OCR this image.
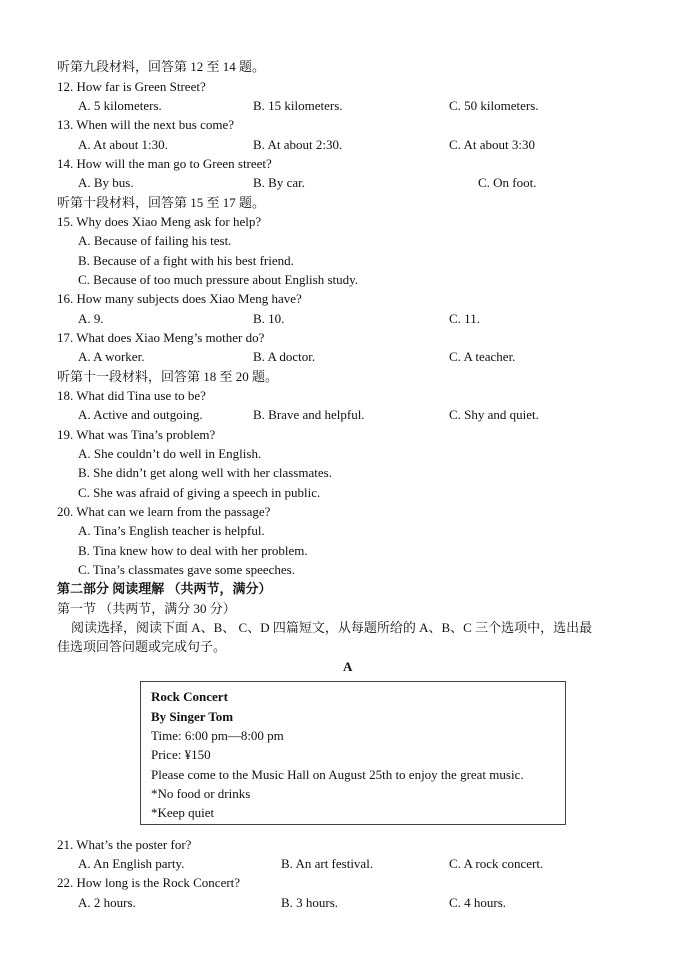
听第九段材料，回答第 12 至 14 题。
12. How far is Green Street?
A. 5 kilometers.	B. 15 kilometers.	C. 50 kilometers.
13. When will the next bus come?
A. At about 1:30.	B. At about 2:30.	C. At about 3:30
14. How will the man go to Green street?
A. By bus.	B. By car.	C. On foot.
听第十段材料，回答第 15 至 17 题。
15. Why does Xiao Meng ask for help?
A. Because of failing his test.
B. Because of a fight with his best friend.
C. Because of too much pressure about English study.
16. How many subjects does Xiao Meng have?
A. 9.	B. 10.	C. 11.
17. What does Xiao Meng’s mother do?
A. A worker.	B. A doctor.	C. A teacher.
听第十一段材料，回答第 18 至 20 题。
18. What did Tina use to be?
A. Active and outgoing.	B. Brave and helpful.	C. Shy and quiet.
19. What was Tina’s problem?
A. She couldn’t do well in English.
B. She didn’t get along well with her classmates.
C. She was afraid of giving a speech in public.
20. What can we learn from the passage?
A. Tina’s English teacher is helpful.
B. Tina knew how to deal with her problem.
C. Tina’s classmates gave some speeches.
第二部分 阅读理解 （共两节，满分）
第一节 （共两节，满分 30 分）
阅读选择，阅读下面 A、B、 C、D 四篇短文，从每题所给的 A、B、C 三个选项中，选出最
佳选项回答问题或完成句子。
A
Rock Concert
By Singer Tom
Time: 6:00 pm—8:00 pm
Price: ¥150
Please come to the Music Hall on August 25th to enjoy the great music.
*No food or drinks
*Keep quiet
21. What’s the poster for?
A. An English party.	B. An art festival.	C. A rock concert.
22. How long is the Rock Concert?
A. 2 hours.	B. 3 hours.	C. 4 hours.
